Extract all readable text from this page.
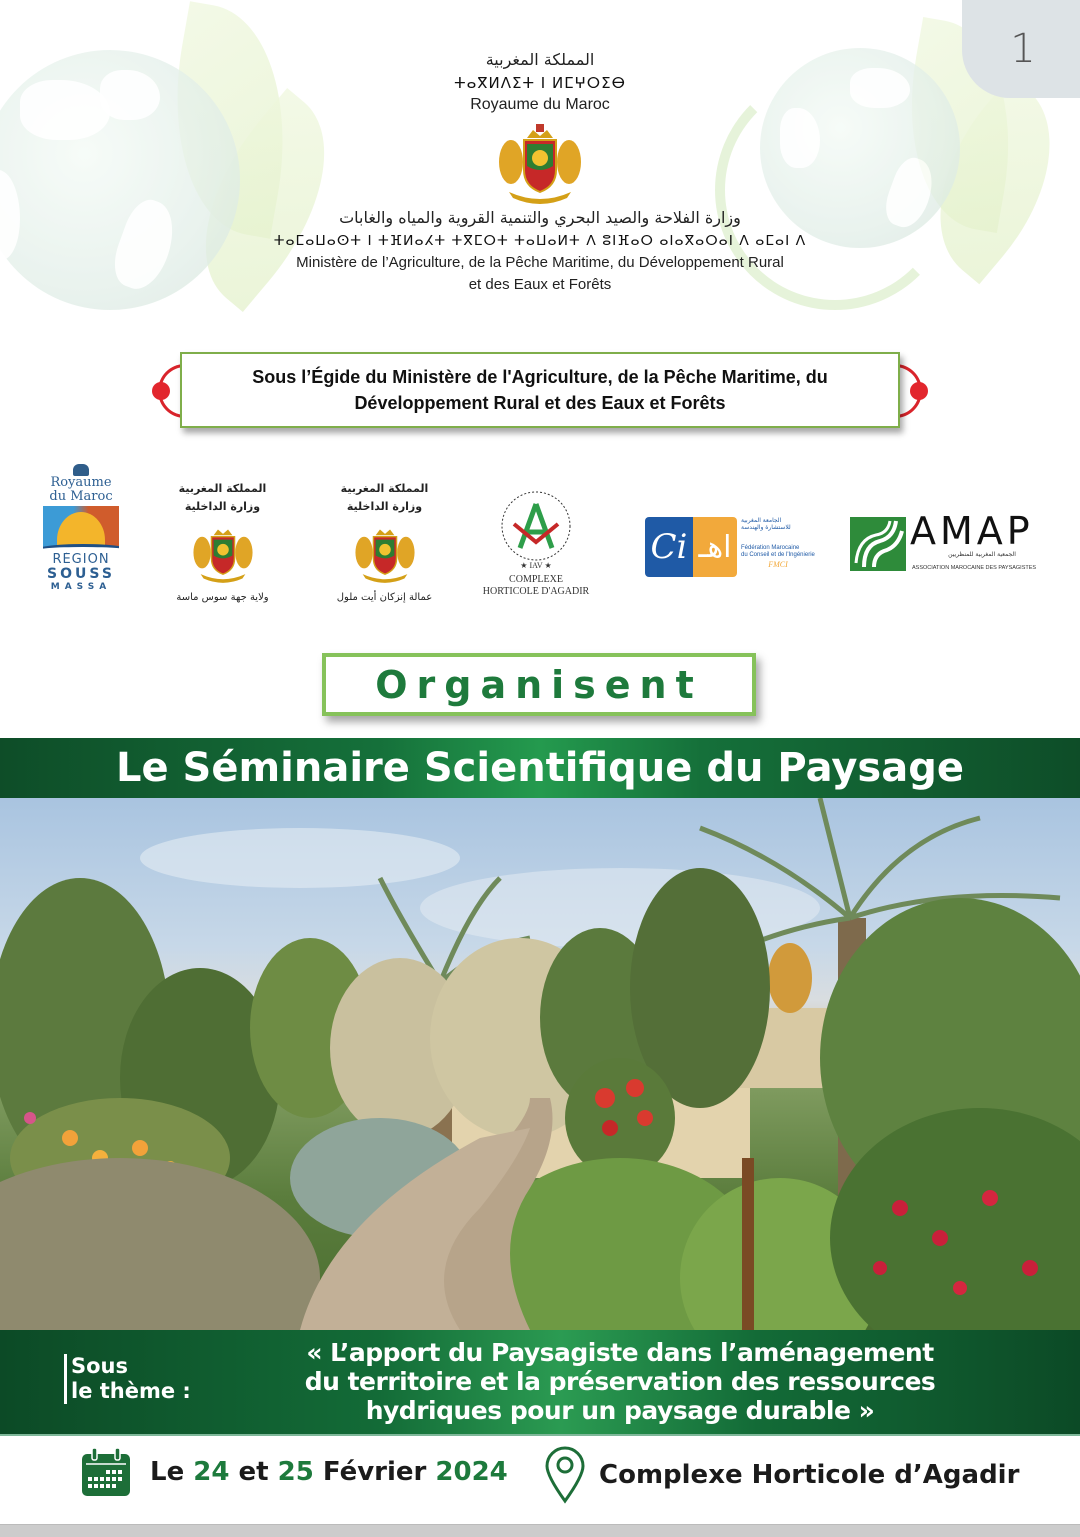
1
المملكة المغربية
ⵜⴰⴳⵍⴷⵉⵜ ⵏ ⵍⵎⵖⵔⵉⴱ
Royaume du Maroc
وزارة الفلاحة والصيد البحري والتنمية القروية والمياه والغابات
ⵜⴰⵎⴰⵡⴰⵙⵜ ⵏ ⵜⴼⵍⴰⵃⵜ ⵜⴳⵎⵔⵜ ⵜⴰⵡⴰⵍⵜ ⴷ ⵓⵏⴼⴰⵔ ⴰⵏⴰⴳⴰⵔⴰⵏ ⴷ ⴰⵎⴰⵏ ⴷ
Ministère de l’Agriculture, de la Pêche Maritime, du Développement Rural
et des Eaux et Forêts
Sous l’Égide du Ministère de l'Agriculture, de la Pêche Maritime, du
Développement Rural et des Eaux et Forêts
Royaume
du Maroc
RÉGION
SOUSS
MASSA
المملكة المغربية
وزارة الداخلية
ولاية جهة سوس ماسة
المملكة المغربية
وزارة الداخلية
عمالة إنزكان أيت ملول
★ IAV ★
COMPLEXE
HORTICOLE D'AGADIR
Ci اهـ
الجامعة المغربية
للاستشارة والهندسة
Fédération Marocaine
du Conseil et de l'Ingénierie
FMCI
AMAP
الجمعية المغربية للمنظريين
ASSOCIATION MAROCAINE DES PAYSAGISTES
Organisent
Le Séminaire Scientifique du Paysage
Sous
le thème :
« L’apport du Paysagiste dans l’aménagement
du territoire et la préservation des ressources
hydriques pour un paysage durable »
Le 24 et 25 Février 2024	Complexe Horticole d’Agadir
